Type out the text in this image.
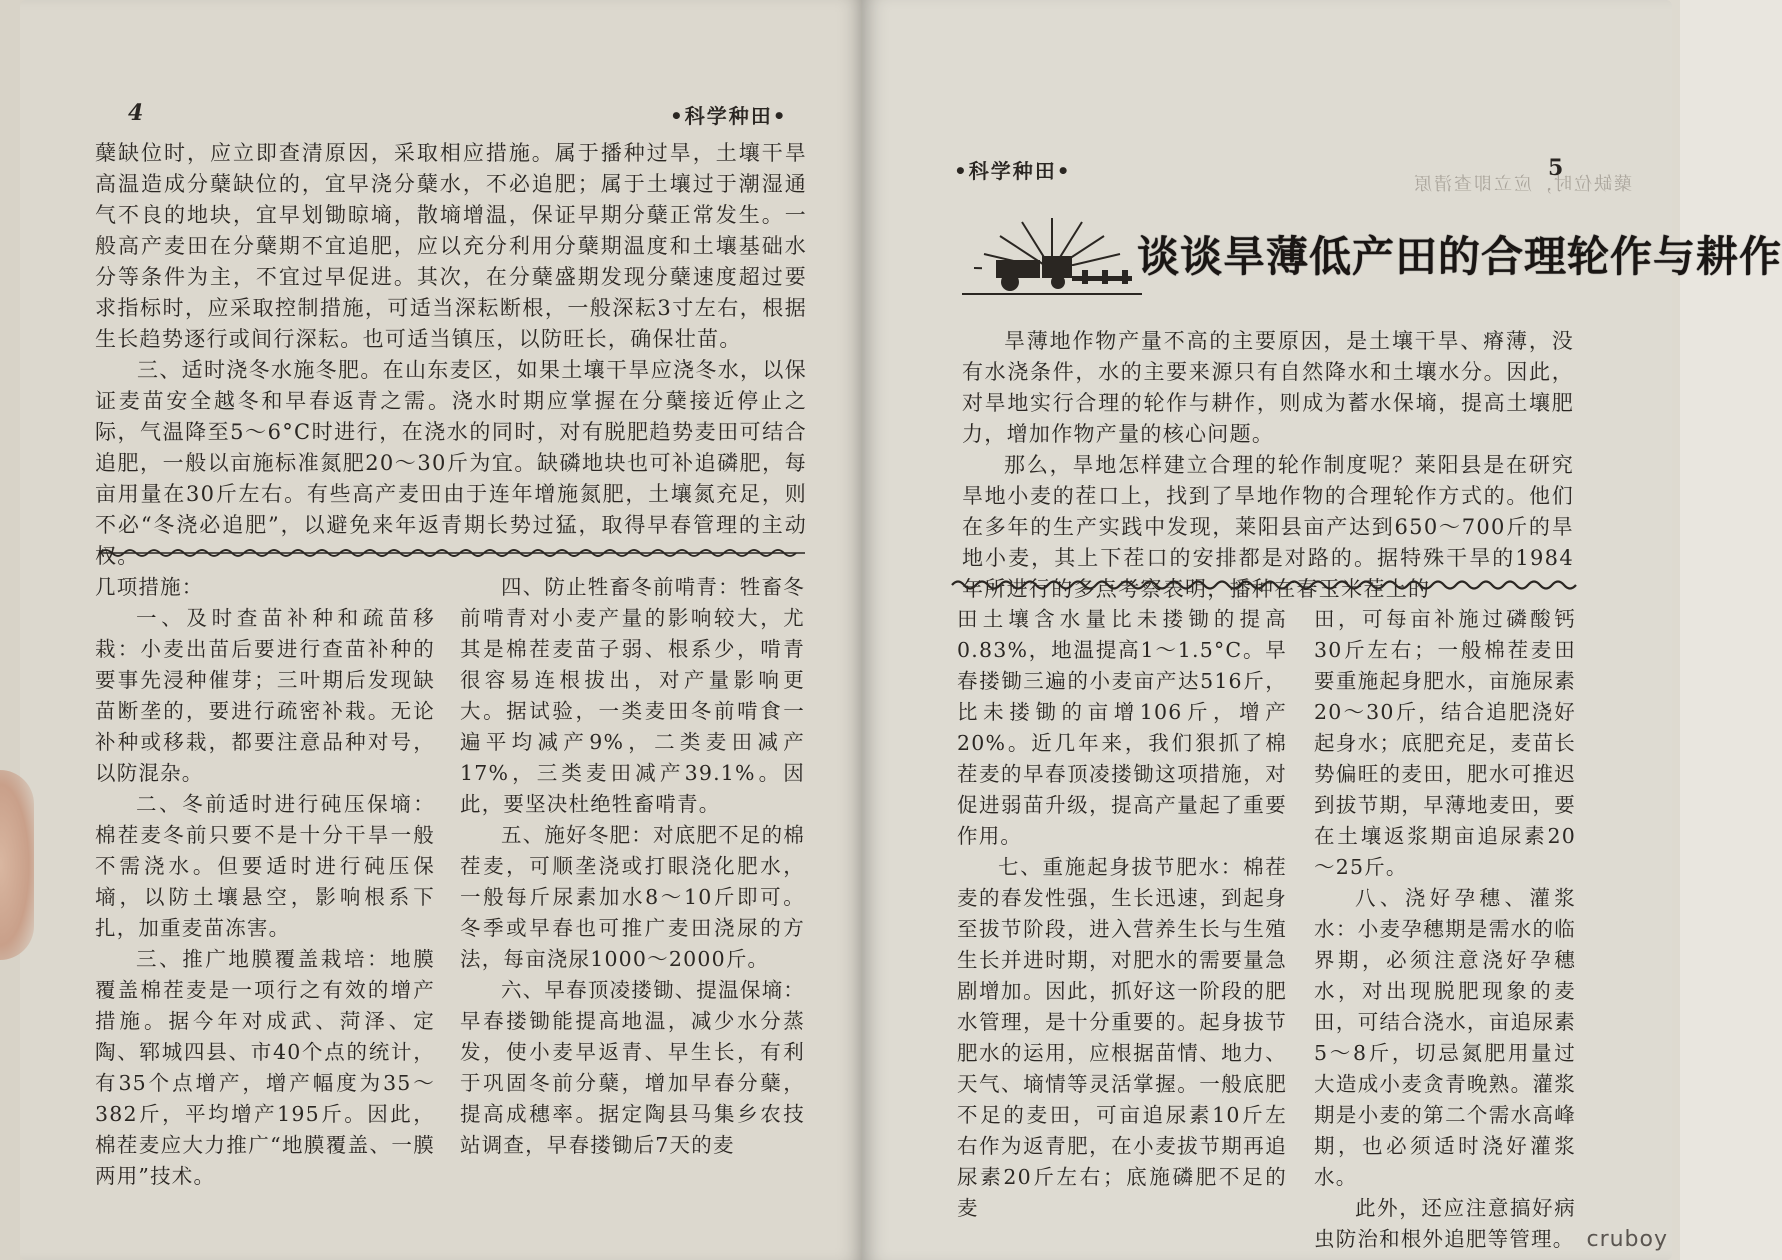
4	•科学种田•

蘖缺位时，应立即查清原因，采取相应措施。属于播种过旱，土壤干旱高温造成分蘖缺位的，宜早浇分蘖水，不必追肥；属于土壤过于潮湿通气不良的地块，宜早划锄晾墒，散墒增温，保证早期分蘖正常发生。一般高产麦田在分蘖期不宜追肥，应以充分利用分蘖期温度和土壤基础水分等条件为主，不宜过早促进。其次，在分蘖盛期发现分蘖速度超过要求指标时，应采取控制措施，可适当深耘断根，一般深耘3寸左右，根据生长趋势逐行或间行深耘。也可适当镇压，以防旺长，确保壮苗。

三、适时浇冬水施冬肥。在山东麦区，如果土壤干旱应浇冬水，以保证麦苗安全越冬和早春返青之需。浇水时期应掌握在分蘖接近停止之际，气温降至5～6°C时进行，在浇水的同时，对有脱肥趋势麦田可结合追肥，一般以亩施标准氮肥20～30斤为宜。缺磷地块也可补追磷肥，每亩用量在30斤左右。有些高产麦田由于连年增施氮肥，土壤氮充足，则不必“冬浇必追肥”，以避免来年返青期长势过猛，取得早春管理的主动权。

几项措施：

一、及时查苗补种和疏苗移栽：小麦出苗后要进行查苗补种的要事先浸种催芽；三叶期后发现缺苗断垄的，要进行疏密补栽。无论补种或移栽，都要注意品种对号，以防混杂。

二、冬前适时进行砘压保墒：棉茬麦冬前只要不是十分干旱一般不需浇水。但要适时进行砘压保墒，以防土壤悬空，影响根系下扎，加重麦苗冻害。

三、推广地膜覆盖栽培：地膜覆盖棉茬麦是一项行之有效的增产措施。据今年对成武、菏泽、定陶、郓城四县、市40个点的统计，有35个点增产，增产幅度为35～382斤，平均增产195斤。因此，棉茬麦应大力推广“地膜覆盖、一膜两用”技术。

四、防止牲畜冬前啃青：牲畜冬前啃青对小麦产量的影响较大，尤其是棉茬麦苗子弱、根系少，啃青很容易连根拔出，对产量影响更大。据试验，一类麦田冬前啃食一遍平均减产9%，二类麦田减产17%，三类麦田减产39.1%。因此，要坚决杜绝牲畜啃青。

五、施好冬肥：对底肥不足的棉茬麦，可顺垄浇或打眼浇化肥水，一般每斤尿素加水8～10斤即可。冬季或早春也可推广麦田浇尿的方法，每亩浇尿1000～2000斤。

六、早春顶凌搂锄、提温保墒：早春搂锄能提高地温，减少水分蒸发，使小麦早返青、早生长，有利于巩固冬前分蘖，增加早春分蘖，提高成穗率。据定陶县马集乡农技站调查，早春搂锄后7天的麦

•科学种田•	5
蘖缺位时，应立即查清原
谈谈旱薄低产田的合理轮作与耕作

旱薄地作物产量不高的主要原因，是土壤干旱、瘠薄，没有水浇条件，水的主要来源只有自然降水和土壤水分。因此，对旱地实行合理的轮作与耕作，则成为蓄水保墒，提高土壤肥力，增加作物产量的核心问题。

那么，旱地怎样建立合理的轮作制度呢？莱阳县是在研究旱地小麦的茬口上，找到了旱地作物的合理轮作方式的。他们在多年的生产实践中发现，莱阳县亩产达到650～700斤的旱地小麦，其上下茬口的安排都是对路的。据特殊干旱的1984年所进行的多点考察表明，播种在春玉米茬上的

田土壤含水量比未搂锄的提高0.83%，地温提高1～1.5°C。早春搂锄三遍的小麦亩产达516斤，比未搂锄的亩增106斤，增产20%。近几年来，我们狠抓了棉茬麦的早春顶凌搂锄这项措施，对促进弱苗升级，提高产量起了重要作用。

七、重施起身拔节肥水：棉茬麦的春发性强，生长迅速，到起身至拔节阶段，进入营养生长与生殖生长并进时期，对肥水的需要量急剧增加。因此，抓好这一阶段的肥水管理，是十分重要的。起身拔节肥水的运用，应根据苗情、地力、天气、墒情等灵活掌握。一般底肥不足的麦田，可亩追尿素10斤左右作为返青肥，在小麦拔节期再追尿素20斤左右；底施磷肥不足的麦

田，可每亩补施过磷酸钙30斤左右；一般棉茬麦田要重施起身肥水，亩施尿素20～30斤，结合追肥浇好起身水；底肥充足，麦苗长势偏旺的麦田，肥水可推迟到拔节期，早薄地麦田，要在土壤返浆期亩追尿素20～25斤。

八、浇好孕穗、灌浆水：小麦孕穗期是需水的临界期，必须注意浇好孕穗水，对出现脱肥现象的麦田，可结合浇水，亩追尿素5～8斤，切忌氮肥用量过大造成小麦贪青晚熟。灌浆期是小麦的第二个需水高峰期，也必须适时浇好灌浆水。

此外，还应注意搞好病虫防治和根外追肥等管理。 cruboy
